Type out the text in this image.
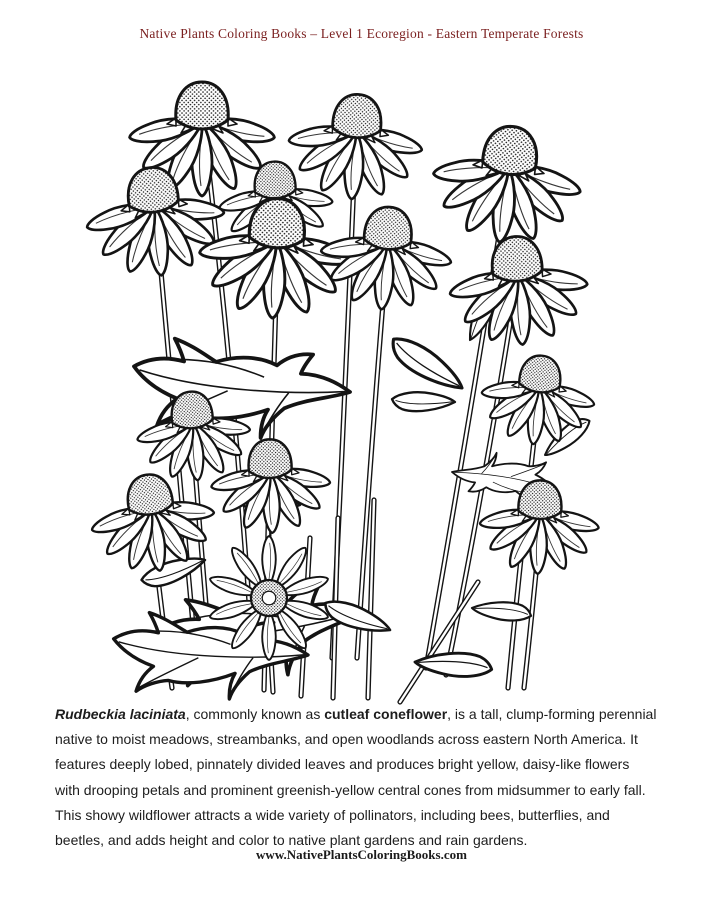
Native Plants Coloring Books – Level 1 Ecoregion - Eastern Temperate Forests
Rudbeckia laciniata, commonly known as cutleaf coneflower, is a tall, clump-forming perennial
native to moist meadows, streambanks, and open woodlands across eastern North America. It
features deeply lobed, pinnately divided leaves and produces bright yellow, daisy-like flowers
with drooping petals and prominent greenish-yellow central cones from midsummer to early fall.
This showy wildflower attracts a wide variety of pollinators, including bees, butterflies, and
beetles, and adds height and color to native plant gardens and rain gardens.
www.NativePlantsColoringBooks.com
